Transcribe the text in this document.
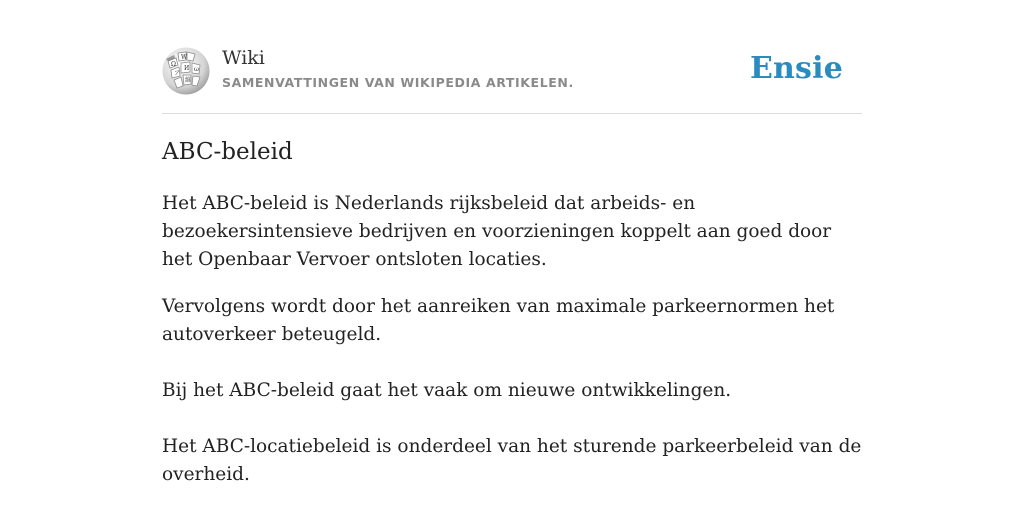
Ω
W
И ω
ア
維
Wiki
SAMENVATTINGEN VAN WIKIPEDIA ARTIKELEN.	Ensie
ABC-beleid

Het ABC-beleid is Nederlands rijksbeleid dat arbeids- en bezoekersintensieve bedrijven en voorzieningen koppelt aan goed door het Openbaar Vervoer ontsloten locaties.

Vervolgens wordt door het aanreiken van maximale parkeernormen het autoverkeer beteugeld.

Bij het ABC-beleid gaat het vaak om nieuwe ontwikkelingen.

Het ABC-locatiebeleid is onderdeel van het sturende parkeerbeleid van de overheid.
